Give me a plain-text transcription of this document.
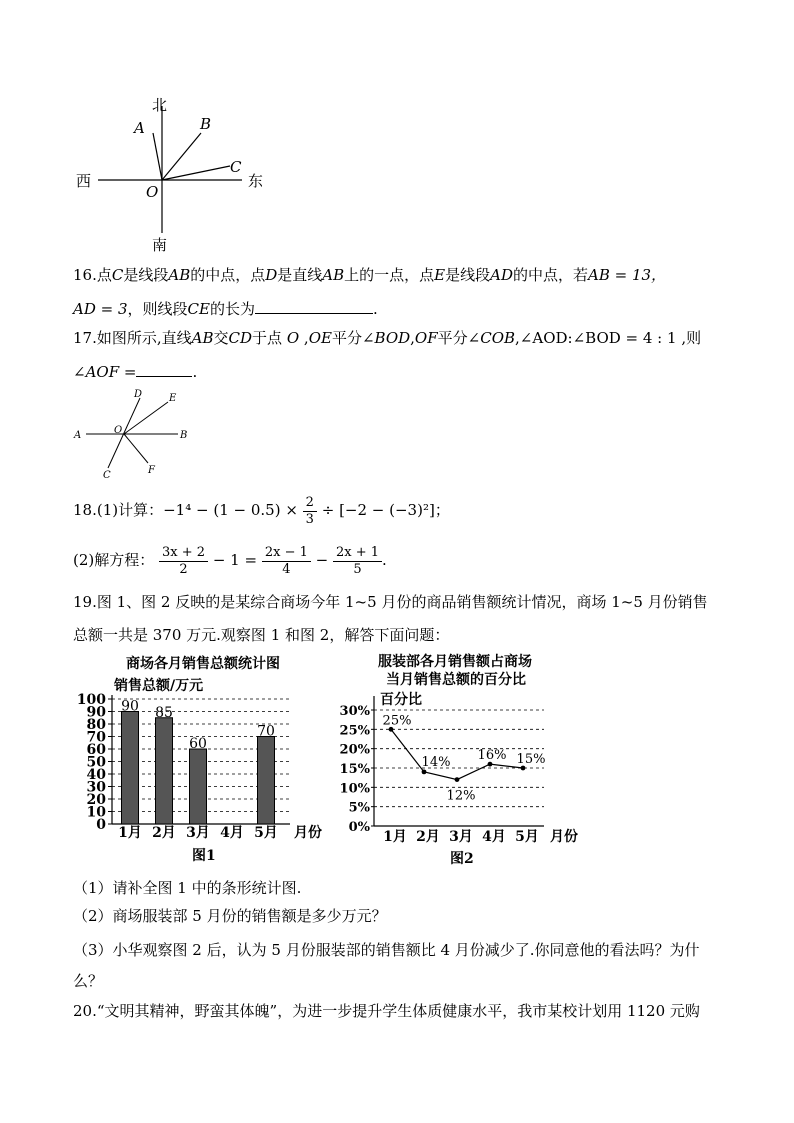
北
南
西	东
A	B
C
O
16.点C是线段AB的中点，点D是直线AB上的一点，点E是线段AD的中点，若AB = 13，
AD = 3，则线段CE的长为	.
17.如图所示,直线AB交CD于点 O ,OE平分∠BOD,OF平分∠COB,∠AOD:∠BOD = 4 : 1 ,则
∠AOF =	.
A	B
C
D	E
F
O
18.(1)计算：$-1^4 - (1 - 0.5) \times \frac{2}{3} \div [-2 - (-3)^2]$；
(2)解方程： $\frac{3x + 2}{2} - 1 = \frac{2x - 1}{4} - \frac{2x + 1}{5}$ .
19.图 1、图 2 反映的是某综合商场今年 1~5 月份的商品销售额统计情况，商场 1~5 月份销售
总额一共是 370 万元.观察图 1 和图 2，解答下面问题：
商场各月销售总额统计图
销售总额/万元
月份
图1
0
10
20
30
40
50
60
70
80
90
100
1月
90
2月
85
3月
60
4月 5月
70
服装部各月销售额占商场
当月销售总额的百分比
百分比
月份
图2
0%
5%
10%
15%
20%
25%
30%
1月
25%
2月
14%
3月
12%
4月
16%
5月
15%
（1）请补全图 1 中的条形统计图.
（2）商场服装部 5 月份的销售额是多少万元？
（3）小华观察图 2 后，认为 5 月份服装部的销售额比 4 月份减少了.你同意他的看法吗？为什
么？
20.“文明其精神，野蛮其体魄”，为进一步提升学生体质健康水平，我市某校计划用 1120 元购
